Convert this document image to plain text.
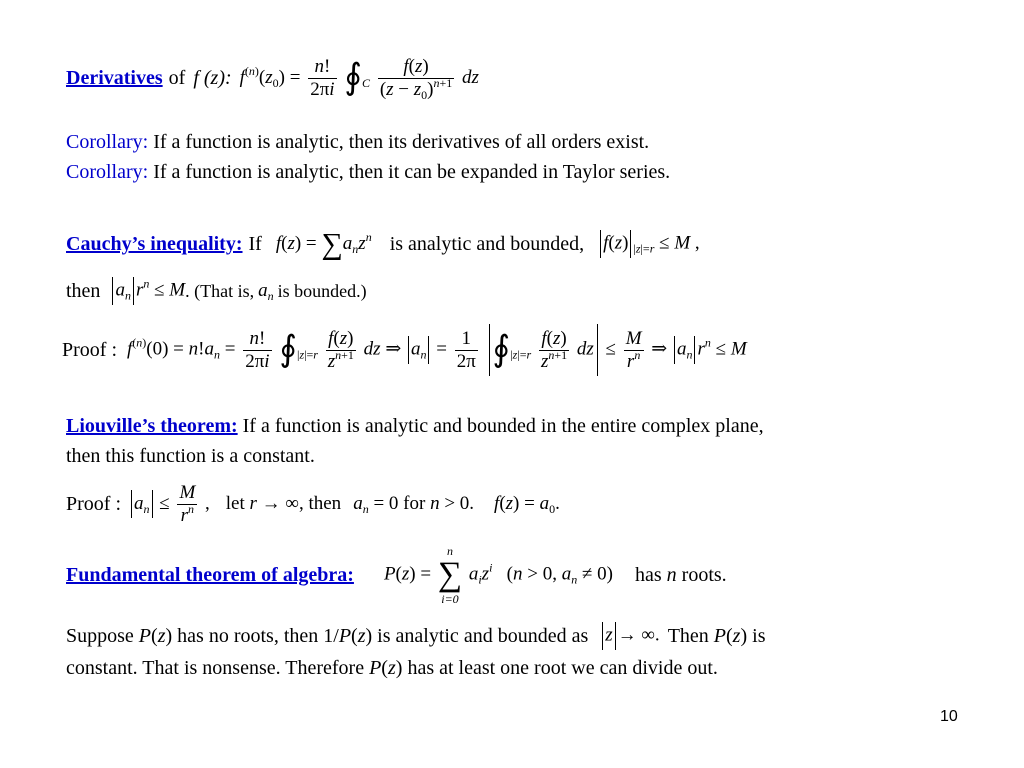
Derivatives of f (z): $f^{(n)}(z_0) = \frac{n!}{2\pi i}$ $∮_C \frac{f(z)}{(z - z_0)^{n+1}}$ dz
Corollary: If a function is analytic, then its derivatives of all orders exist.
Corollary: If a function is analytic, then it can be expanded in Taylor series.
Cauchy’s inequality: If $f(z) = \sum a_nz^n$ is analytic and bounded, f(z) $_{|z|=r}$ ≤ M ,
then $a_n$ $r^n \le M$ . (That is, $a_n$ is bounded.)
Proof : $f^{(n)}(0) = n!a_n = \frac{n!}{2\pi i}$ $∮_{|z|=r} \frac{f(z)}{z^{n+1}}$ dz ⇒ $a_n = \frac{1}{2\pi}$ $∮_{|z|=r} \frac{f(z)}{z^{n+1}}$ dz ≤ $\frac{M}{r^n}$ ⇒ $a_n$ $r^n \le M$
Liouville’s theorem: If a function is analytic and bounded in the entire complex plane,
then this function is a constant.
Proof : $a_n \le \frac{M}{r^n}$ , let r → ∞, then $a_n = 0$ for n > 0. $f(z) = a_0$.
Fundamental theorem of algebra: P(z) =
n
∑
i=0
$a_iz^i$   (n > 0, $a_n \ne 0$) has n roots.
Suppose P(z) has no roots, then 1/ P(z) is analytic and bounded as z → ∞. Then P(z) is
constant. That is nonsense. Therefore P(z) has at least one root we can divide out.
10
